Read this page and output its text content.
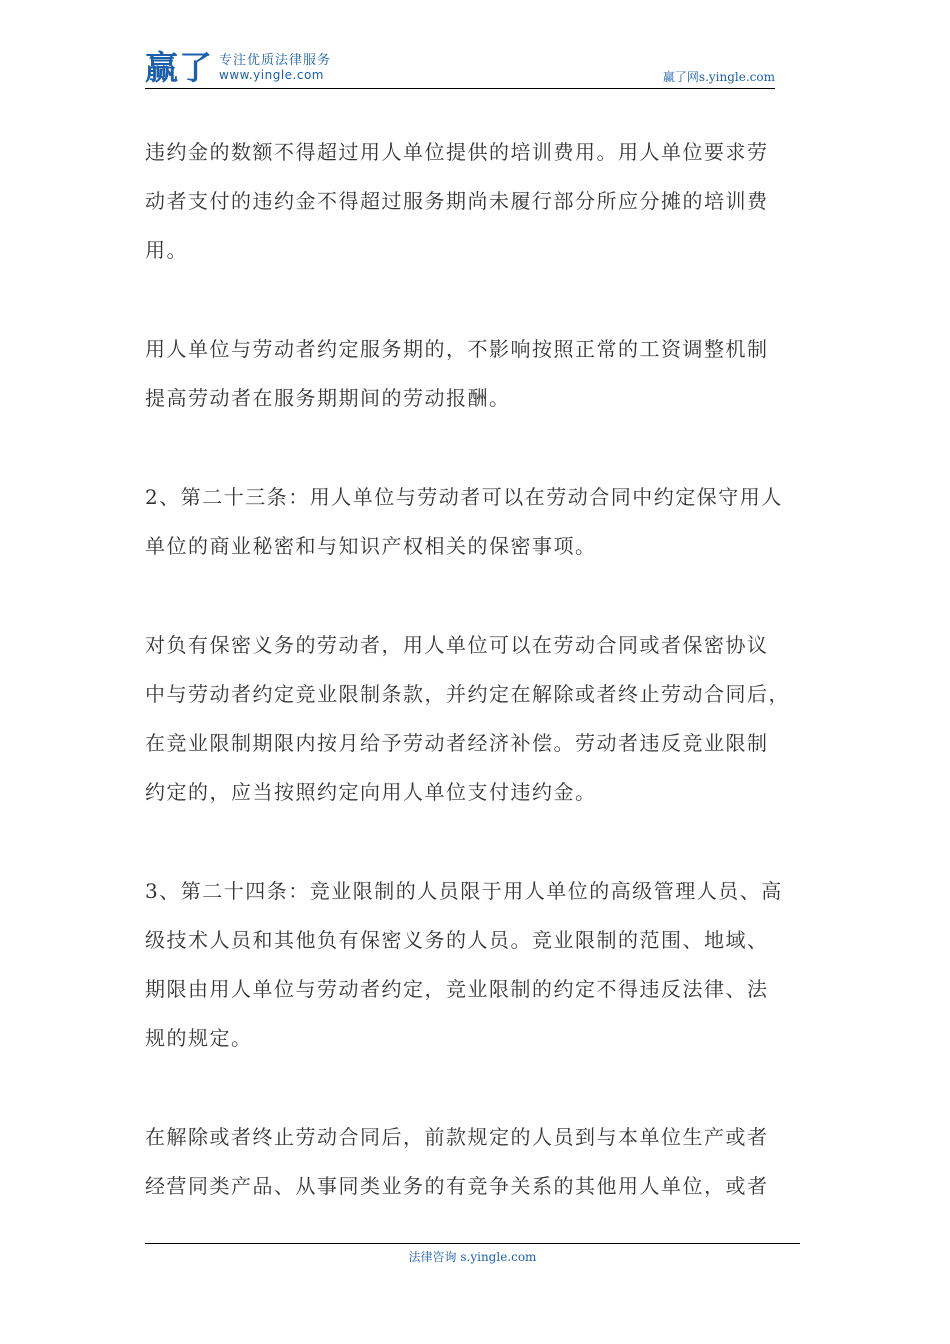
赢了 专注优质法律服务
www.yingle.com	赢了网s.yingle.com

违约金的数额不得超过用人单位提供的培训费用。用人单位要求劳
动者支付的违约金不得超过服务期尚未履行部分所应分摊的培训费
用。

用人单位与劳动者约定服务期的，不影响按照正常的工资调整机制
提高劳动者在服务期期间的劳动报酬。

2、第二十三条：用人单位与劳动者可以在劳动合同中约定保守用人
单位的商业秘密和与知识产权相关的保密事项。

对负有保密义务的劳动者，用人单位可以在劳动合同或者保密协议
中与劳动者约定竞业限制条款，并约定在解除或者终止劳动合同后，
在竞业限制期限内按月给予劳动者经济补偿。劳动者违反竞业限制
约定的，应当按照约定向用人单位支付违约金。

3、第二十四条：竞业限制的人员限于用人单位的高级管理人员、高
级技术人员和其他负有保密义务的人员。竞业限制的范围、地域、
期限由用人单位与劳动者约定，竞业限制的约定不得违反法律、法
规的规定。

在解除或者终止劳动合同后，前款规定的人员到与本单位生产或者
经营同类产品、从事同类业务的有竞争关系的其他用人单位，或者

法律咨询 s.yingle.com
